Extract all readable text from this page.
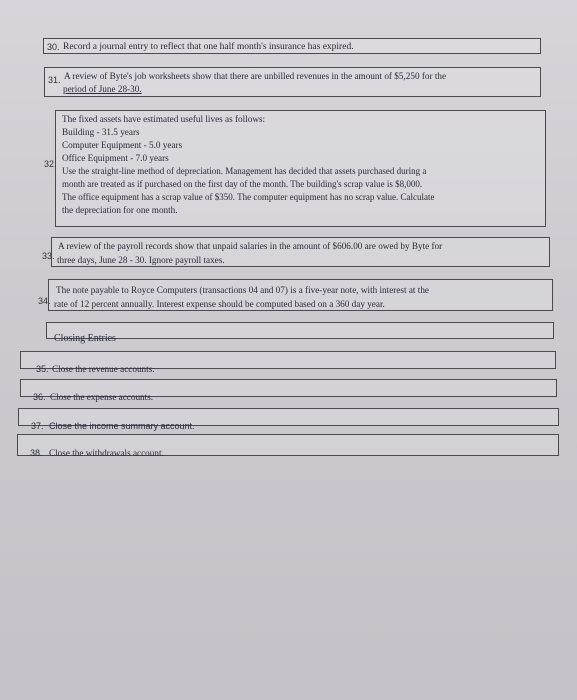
30. Record a journal entry to reflect that one half month's insurance has expired.
31. A review of Byte's job worksheets show that there are unbilled revenues in the amount of $5,250 for the
period of June 28-30.
32.
The fixed assets have estimated useful lives as follows:
Building - 31.5 years
Computer Equipment - 5.0 years
Office Equipment - 7.0 years
Use the straight-line method of depreciation. Management has decided that assets purchased during a
month are treated as if purchased on the first day of the month. The building's scrap value is $8,000.
The office equipment has a scrap value of $350. The computer equipment has no scrap value. Calculate
the depreciation for one month.
33.
A review of the payroll records show that unpaid salaries in the amount of $606.00 are owed by Byte for
three days, June 28 - 30. Ignore payroll taxes.
34.
The note payable to Royce Computers (transactions 04 and 07) is a five-year note, with interest at the
rate of 12 percent annually. Interest expense should be computed based on a 360 day year.
Closing Entries
35. Close the revenue accounts.
36. Close the expense accounts.
37. Close the income summary account.
38. Close the withdrawals account.
